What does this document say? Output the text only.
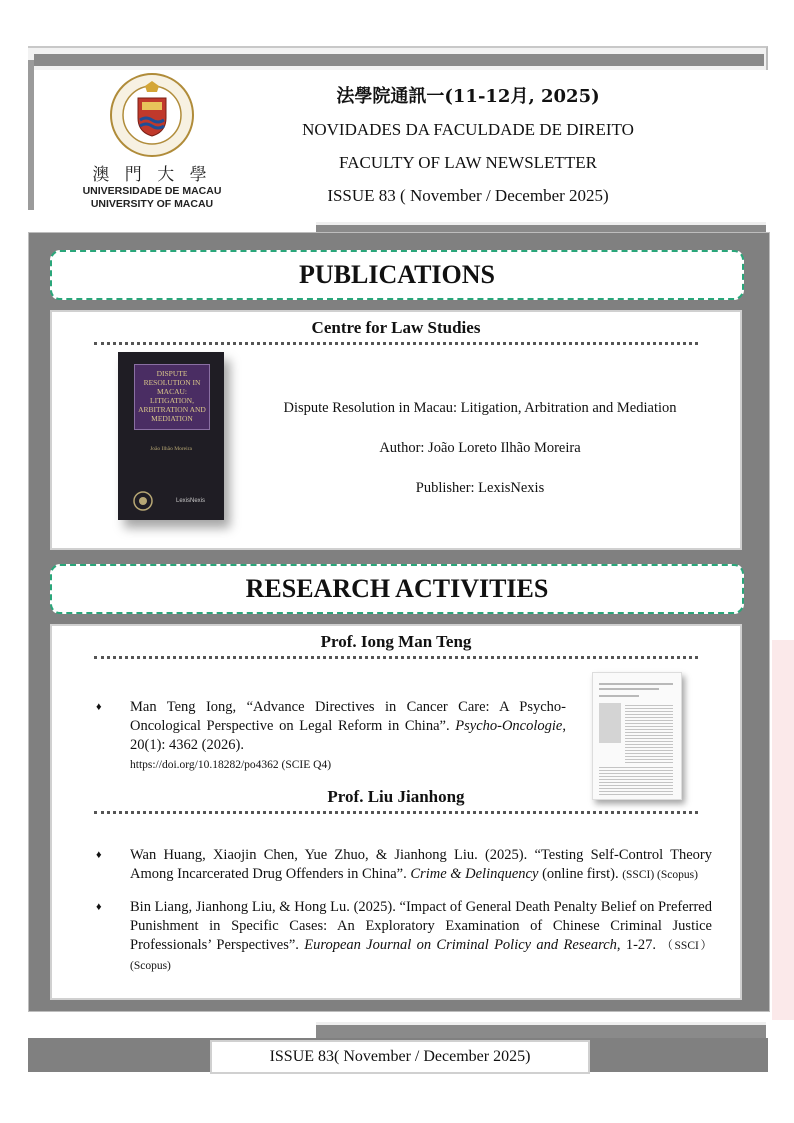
澳 門 大 學
UNIVERSIDADE DE MACAU
UNIVERSITY OF MACAU
法學院通訊一(11-12月, 2025)
NOVIDADES DA FACULDADE DE DIREITO
FACULTY OF LAW NEWSLETTER
ISSUE 83 ( November / December 2025)
PUBLICATIONS
Centre for Law Studies
DISPUTE RESOLUTION IN MACAU: LITIGATION, ARBITRATION AND MEDIATION
João Ilhão Moreira
LexisNexis
Dispute Resolution in Macau: Litigation, Arbitration and Mediation
Author: João Loreto Ilhão Moreira
Publisher: LexisNexis
RESEARCH ACTIVITIES
Prof. Iong Man Teng
♦ Man Teng Iong, “Advance Directives in Cancer Care: A Psycho-Oncological Perspective on Legal Reform in China”. Psycho-Oncologie, 20(1): 4362 (2026).
https://doi.org/10.18282/po4362 (SCIE Q4)
Prof. Liu Jianhong
♦ Wan Huang, Xiaojin Chen, Yue Zhuo, & Jianhong Liu. (2025). “Testing Self-Control Theory Among Incarcerated Drug Offenders in China”. Crime & Delinquency (online first). (SSCI) (Scopus)
♦ Bin Liang, Jianhong Liu, & Hong Lu. (2025). “Impact of General Death Penalty Belief on Preferred Punishment in Specific Cases: An Exploratory Examination of Chinese Criminal Justice Professionals’ Perspectives”. European Journal on Criminal Policy and Research, 1-27. （SSCI）(Scopus)
ISSUE 83( November / December 2025)
